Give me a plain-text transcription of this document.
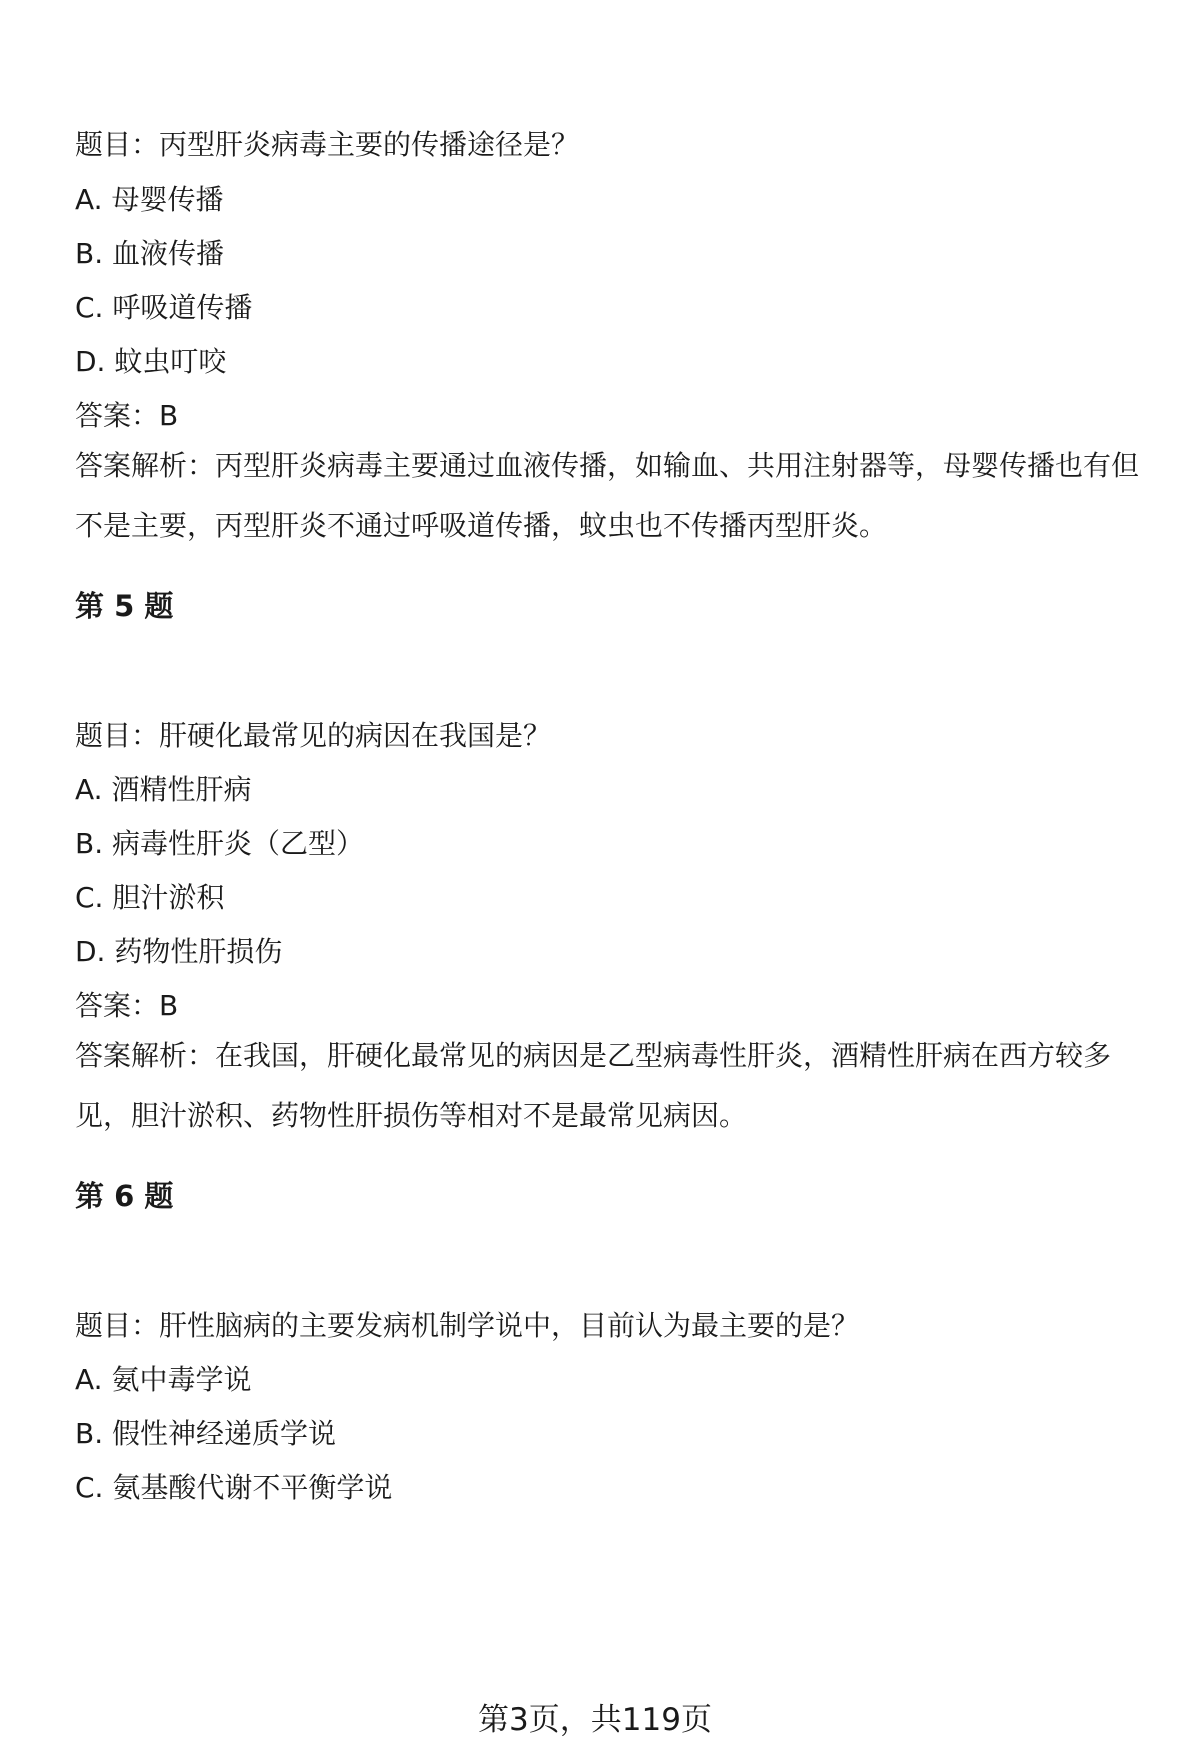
题目：丙型肝炎病毒主要的传播途径是？
A. 母婴传播
B. 血液传播
C. 呼吸道传播
D. 蚊虫叮咬
答案：B
答案解析：丙型肝炎病毒主要通过血液传播，如输血、共用注射器等，母婴传播也有但不是主要，丙型肝炎不通过呼吸道传播，蚊虫也不传播丙型肝炎。
第 5 题
题目：肝硬化最常见的病因在我国是？
A. 酒精性肝病
B. 病毒性肝炎（乙型）
C. 胆汁淤积
D. 药物性肝损伤
答案：B
答案解析：在我国，肝硬化最常见的病因是乙型病毒性肝炎，酒精性肝病在西方较多见，胆汁淤积、药物性肝损伤等相对不是最常见病因。
第 6 题
题目：肝性脑病的主要发病机制学说中，目前认为最主要的是？
A. 氨中毒学说
B. 假性神经递质学说
C. 氨基酸代谢不平衡学说
第3页，共119页
